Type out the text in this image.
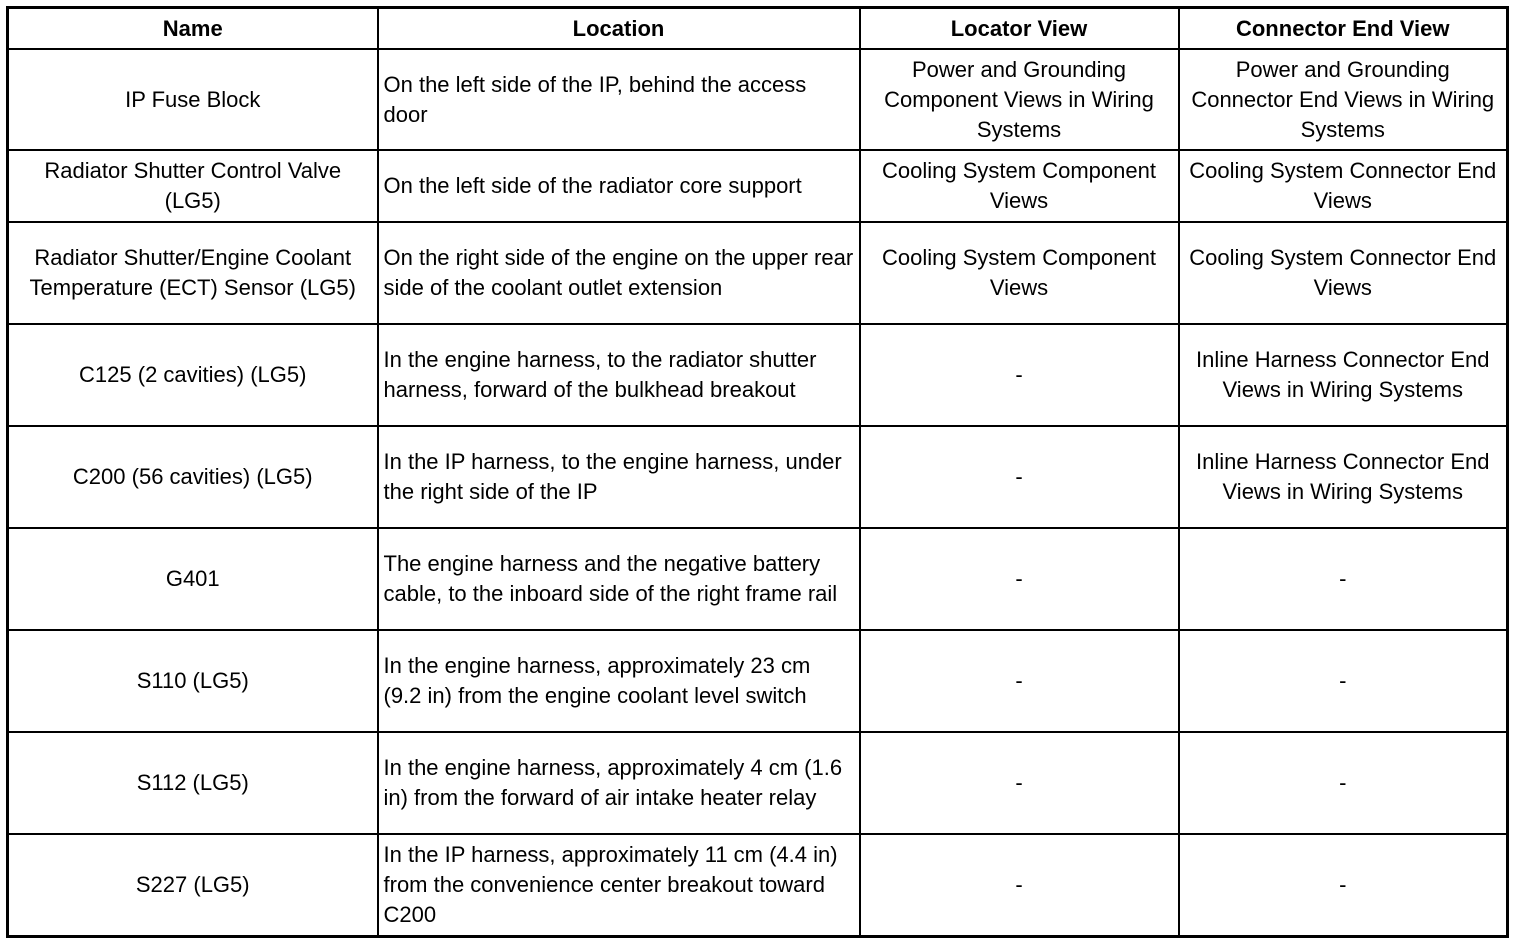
Name	Location	Locator View	Connector End View
IP Fuse Block	On the left side of the IP, behind the access door	Power and Grounding Component Views in Wiring Systems	Power and Grounding Connector End Views in Wiring Systems
Radiator Shutter Control Valve (LG5)	On the left side of the radiator core support	Cooling System Component Views	Cooling System Connector End Views
Radiator Shutter/Engine Coolant Temperature (ECT) Sensor (LG5)	On the right side of the engine on the upper rear side of the coolant outlet extension	Cooling System Component Views	Cooling System Connector End Views
C125 (2 cavities) (LG5)	In the engine harness, to the radiator shutter harness, forward of the bulkhead breakout	-	Inline Harness Connector End Views in Wiring Systems
C200 (56 cavities) (LG5)	In the IP harness, to the engine harness, under the right side of the IP	-	Inline Harness Connector End Views in Wiring Systems
G401	The engine harness and the negative battery cable, to the inboard side of the right frame rail	-	-
S110 (LG5)	In the engine harness, approximately 23 cm (9.2 in) from the engine coolant level switch	-	-
S112 (LG5)	In the engine harness, approximately 4 cm (1.6 in) from the forward of air intake heater relay	-	-
S227 (LG5)	In the IP harness, approximately 11 cm (4.4 in) from the convenience center breakout toward C200	-	-
